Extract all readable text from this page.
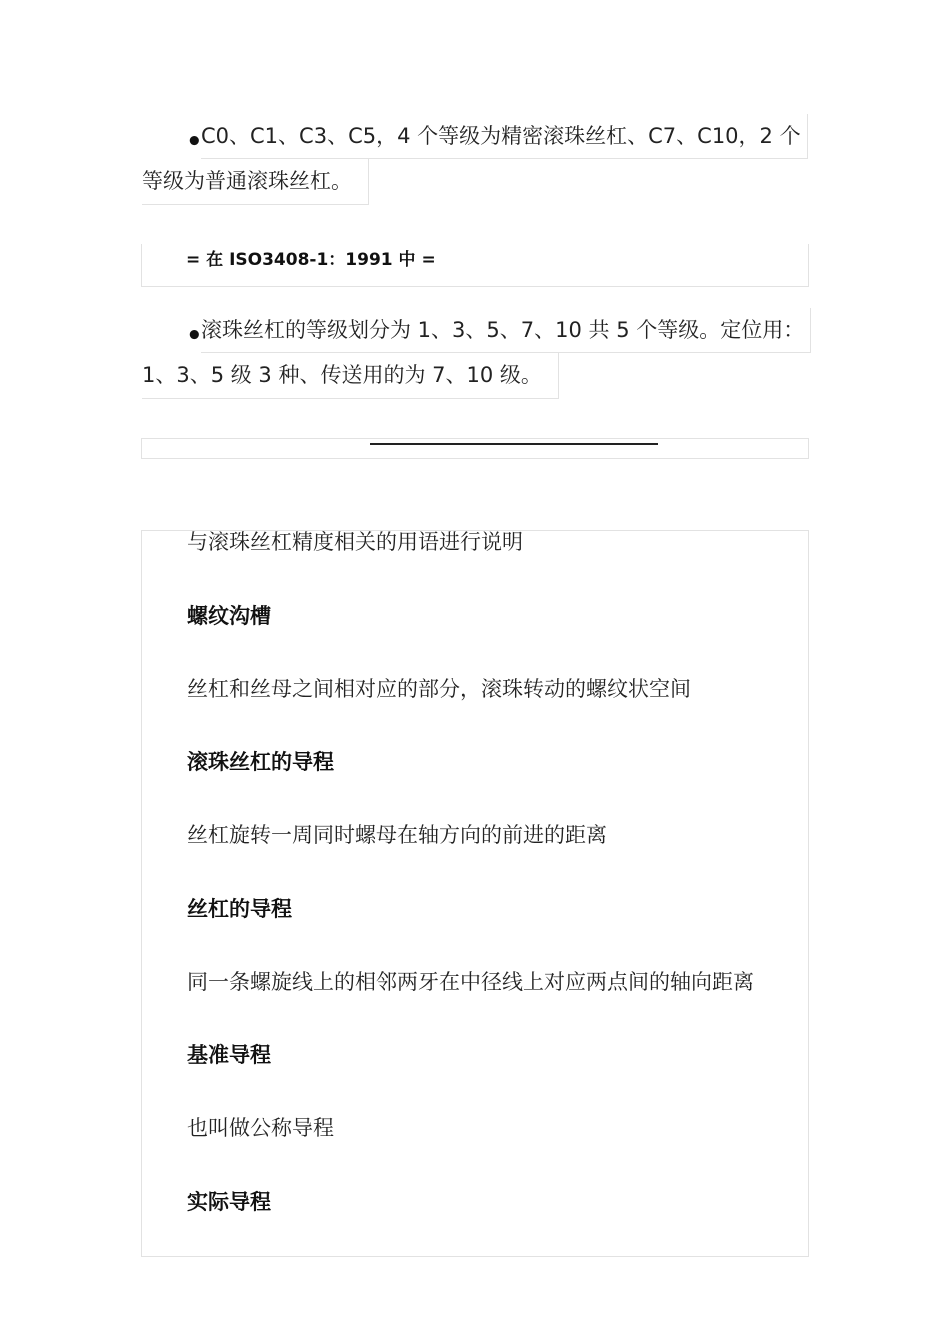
•
C0、C1、C3、C5，4 个等级为精密滚珠丝杠、C7、C10，2 个
等级为普通滚珠丝杠。
= 在 ISO3408-1：1991 中 =
•
滚珠丝杠的等级划分为 1、3、5、7、10 共 5 个等级。定位用：
1、3、5 级 3 种、传送用的为 7、10 级。
与滚珠丝杠精度相关的用语进行说明
螺纹沟槽
丝杠和丝母之间相对应的部分，滚珠转动的螺纹状空间
滚珠丝杠的导程
丝杠旋转一周同时螺母在轴方向的前进的距离
丝杠的导程
同一条螺旋线上的相邻两牙在中径线上对应两点间的轴向距离
基准导程
也叫做公称导程
实际导程
